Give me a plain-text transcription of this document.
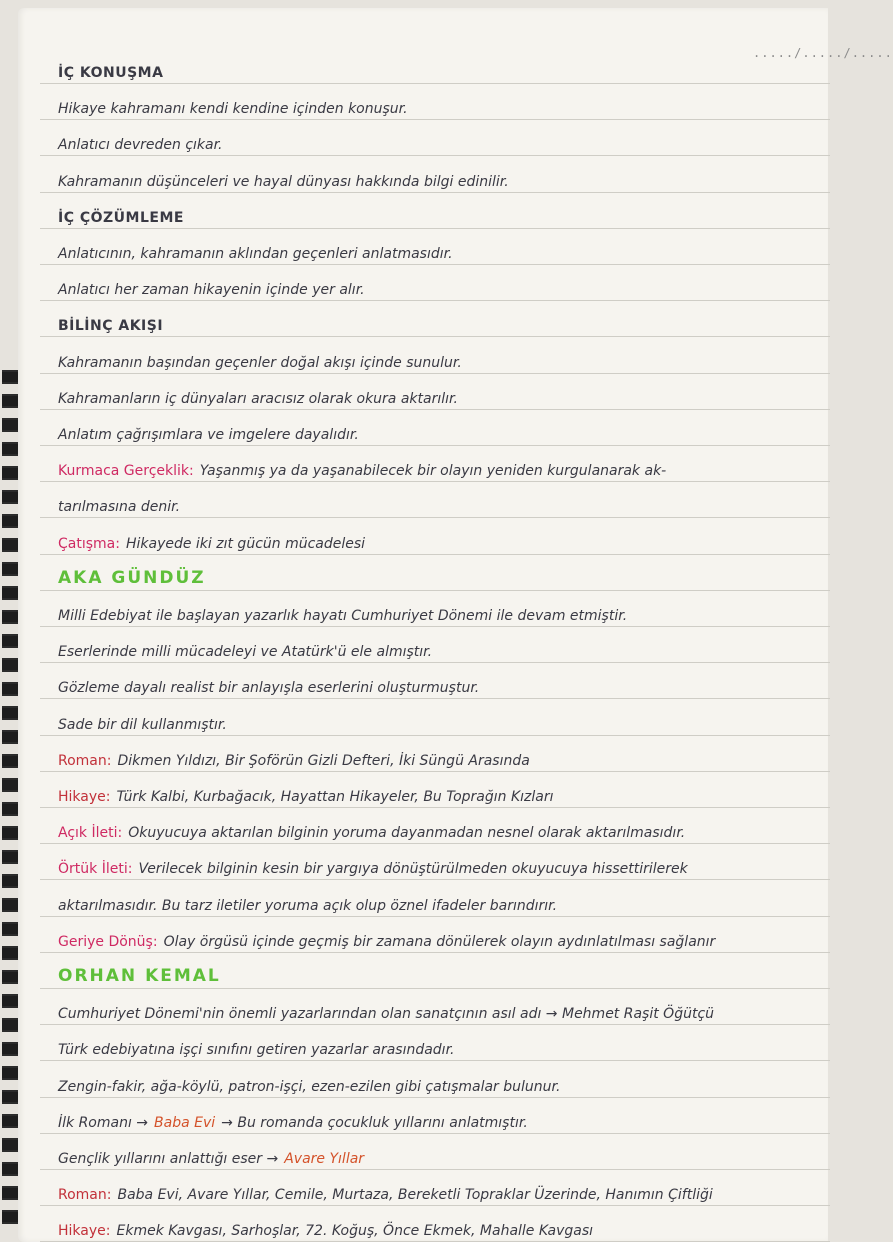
...../...../.....
İÇ KONUŞMA
Hikaye kahramanı kendi kendine içinden konuşur.
Anlatıcı devreden çıkar.
Kahramanın düşünceleri ve hayal dünyası hakkında bilgi edinilir.
İÇ ÇÖZÜMLEME
Anlatıcının, kahramanın aklından geçenleri anlatmasıdır.
Anlatıcı her zaman hikayenin içinde yer alır.
BİLİNÇ AKIŞI
Kahramanın başından geçenler doğal akışı içinde sunulur.
Kahramanların iç dünyaları aracısız olarak okura aktarılır.
Anlatım çağrışımlara ve imgelere dayalıdır.
Kurmaca Gerçeklik: Yaşanmış ya da yaşanabilecek bir olayın yeniden kurgulanarak ak-
tarılmasına denir.
Çatışma: Hikayede iki zıt gücün mücadelesi
AKA GÜNDÜZ
Milli Edebiyat ile başlayan yazarlık hayatı Cumhuriyet Dönemi ile devam etmiştir.
Eserlerinde milli mücadeleyi ve Atatürk'ü ele almıştır.
Gözleme dayalı realist bir anlayışla eserlerini oluşturmuştur.
Sade bir dil kullanmıştır.
Roman: Dikmen Yıldızı, Bir Şoförün Gizli Defteri, İki Süngü Arasında
Hikaye: Türk Kalbi, Kurbağacık, Hayattan Hikayeler, Bu Toprağın Kızları
Açık İleti: Okuyucuya aktarılan bilginin yoruma dayanmadan nesnel olarak aktarılmasıdır.
Örtük İleti: Verilecek bilginin kesin bir yargıya dönüştürülmeden okuyucuya hissettirilerek
aktarılmasıdır. Bu tarz iletiler yoruma açık olup öznel ifadeler barındırır.
Geriye Dönüş: Olay örgüsü içinde geçmiş bir zamana dönülerek olayın aydınlatılması sağlanır
ORHAN KEMAL
Cumhuriyet Dönemi'nin önemli yazarlarından olan sanatçının asıl adı → Mehmet Raşit Öğütçü
Türk edebiyatına işçi sınıfını getiren yazarlar arasındadır.
Zengin-fakir, ağa-köylü, patron-işçi, ezen-ezilen gibi çatışmalar bulunur.
İlk Romanı → Baba Evi → Bu romanda çocukluk yıllarını anlatmıştır.
Gençlik yıllarını anlattığı eser → Avare Yıllar
Roman: Baba Evi, Avare Yıllar, Cemile, Murtaza, Bereketli Topraklar Üzerinde, Hanımın Çiftliği
Hikaye: Ekmek Kavgası, Sarhoşlar, 72. Koğuş, Önce Ekmek, Mahalle Kavgası
